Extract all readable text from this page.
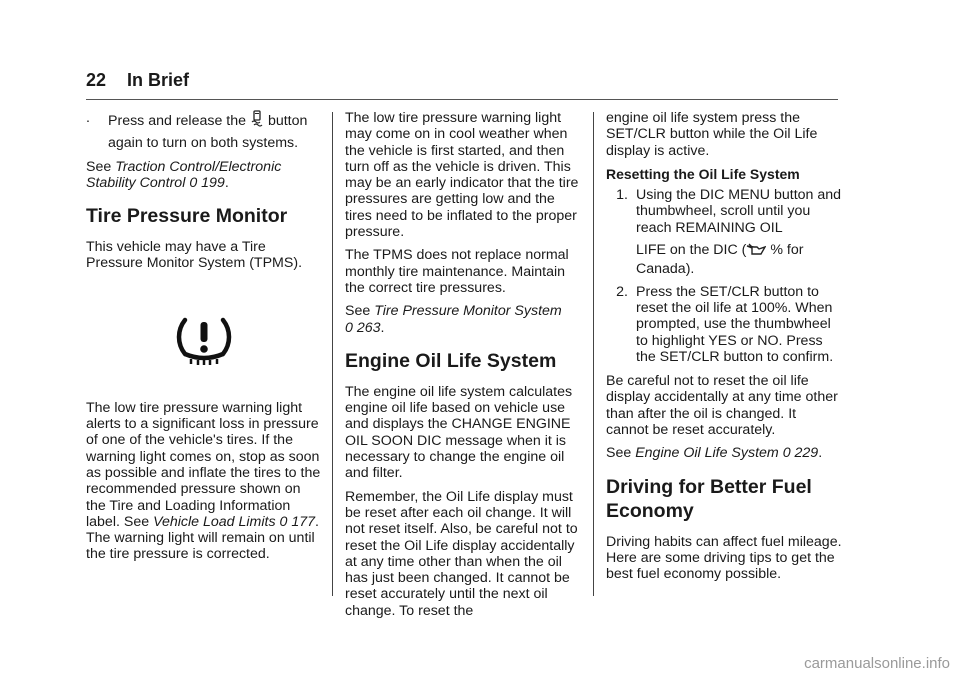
22 In Brief
.	Press and release the button

again to turn on both systems.

See Traction Control/Electronic Stability Control 0 199.

Tire Pressure Monitor

This vehicle may have a Tire Pressure Monitor System (TPMS).

The low tire pressure warning light alerts to a significant loss in pressure of one of the vehicle's tires. If the warning light comes on, stop as soon as possible and inflate the tires to the recommended pressure shown on the Tire and Loading Information label. See Vehicle Load Limits 0 177. The warning light will remain on until the tire pressure is corrected.

The low tire pressure warning light may come on in cool weather when the vehicle is first started, and then turn off as the vehicle is driven. This may be an early indicator that the tire pressures are getting low and the tires need to be inflated to the proper pressure.

The TPMS does not replace normal monthly tire maintenance. Maintain the correct tire pressures.

See Tire Pressure Monitor System
0 263.

Engine Oil Life System

The engine oil life system calculates engine oil life based on vehicle use and displays the CHANGE ENGINE OIL SOON DIC message when it is necessary to change the engine oil and filter.

Remember, the Oil Life display must be reset after each oil change. It will not reset itself. Also, be careful not to reset the Oil Life display accidentally at any time other than when the oil has just been changed. It cannot be reset accurately until the next oil change. To reset the

engine oil life system press the SET/CLR button while the Oil Life display is active.

Resetting the Oil Life System
1. Using the DIC MENU button and thumbwheel, scroll until you reach REMAINING OIL
LIFE on the DIC ( % for Canada).
2. Press the SET/CLR button to reset the oil life at 100%. When prompted, use the thumbwheel to highlight YES or NO. Press the SET/CLR button to confirm.

Be careful not to reset the oil life display accidentally at any time other than after the oil is changed. It cannot be reset accurately.

See Engine Oil Life System 0 229.

Driving for Better Fuel Economy

Driving habits can affect fuel mileage. Here are some driving tips to get the best fuel economy possible.

carmanualsonline.info
